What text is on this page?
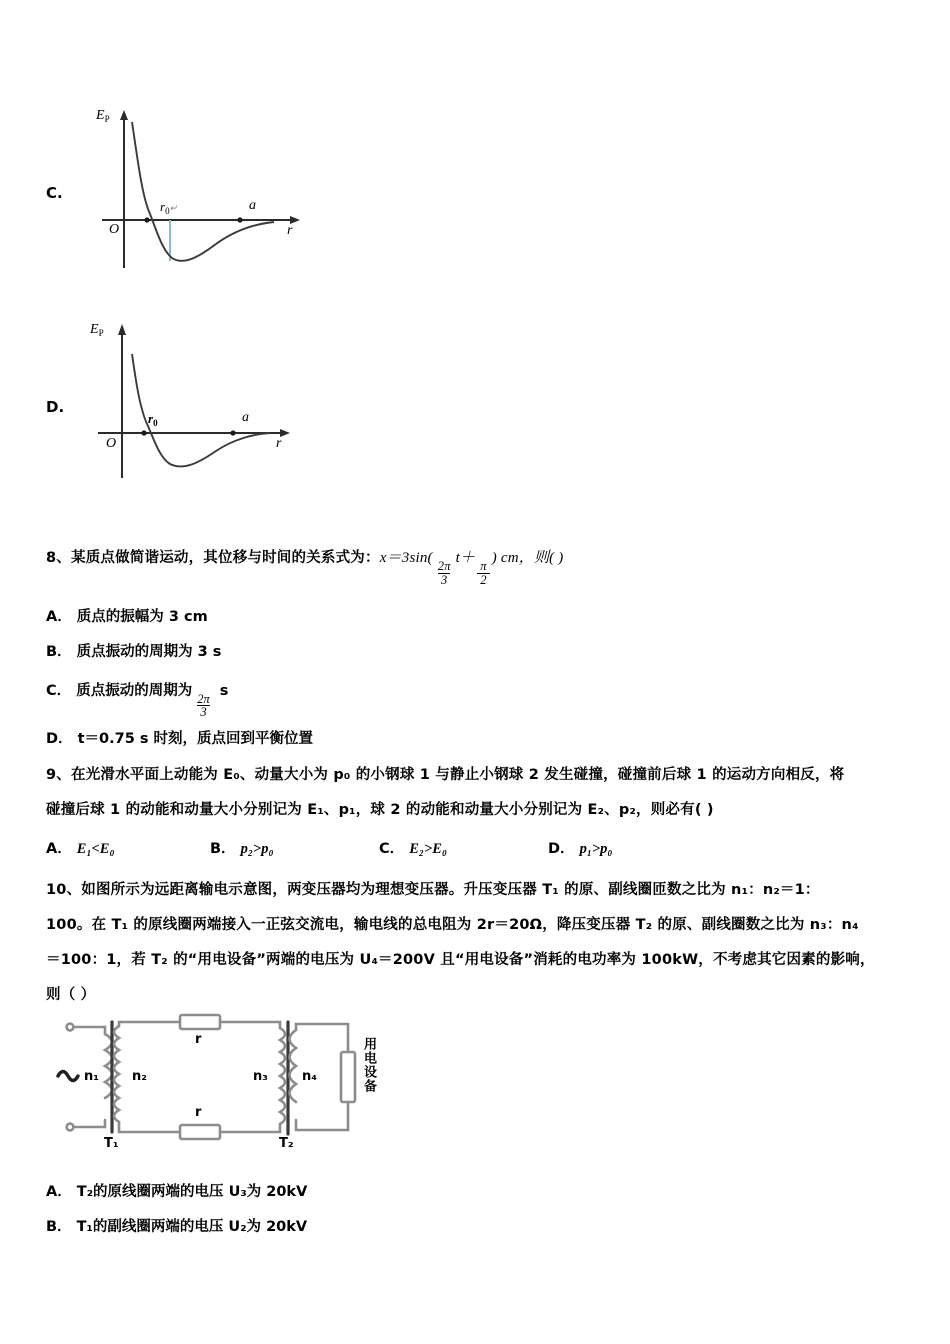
C.
$E_P$
O	r
$r_0↵$	a
D.
$E_P$
O	r
$r_0$	a
8、某质点做简谐运动，其位移与时间的关系式为：x＝3sin(
$\frac{2\pi}{3}$
t＋
$\frac{\pi}{2}$
) cm，则( )
A． 质点的振幅为 3 cm
B． 质点振动的周期为 3 s
C． 质点振动的周期为
$\frac{2\pi}{3}$
s
D． t＝0.75 s 时刻，质点回到平衡位置
9、在光滑水平面上动能为 E₀、动量大小为 p₀ 的小钢球 1 与静止小钢球 2 发生碰撞，碰撞前后球 1 的运动方向相反，将
碰撞后球 1 的动能和动量大小分别记为 E₁、p₁，球 2 的动能和动量大小分别记为 E₂、p₂，则必有( )
A． E₁<E₀	B． p₂>p₀	C． E₂>E₀	D． p₁>p₀
10、如图所示为远距离输电示意图，两变压器均为理想变压器。升压变压器 T₁ 的原、副线圈匝数之比为 n₁：n₂＝1：
100。在 T₁ 的原线圈两端接入一正弦交流电，输电线的总电阻为 2r＝20Ω，降压变压器 T₂ 的原、副线圈数之比为 n₃：n₄
＝100：1，若 T₂ 的“用电设备”两端的电压为 U₄＝200V 且“用电设备”消耗的电功率为 100kW，不考虑其它因素的影响，
则（ ）
n₁	n₂	n₃	n₄
r
r
T₁	T₂
用电设备
A． T₂的原线圈两端的电压 U₃为 20kV
B． T₁的副线圈两端的电压 U₂为 20kV
